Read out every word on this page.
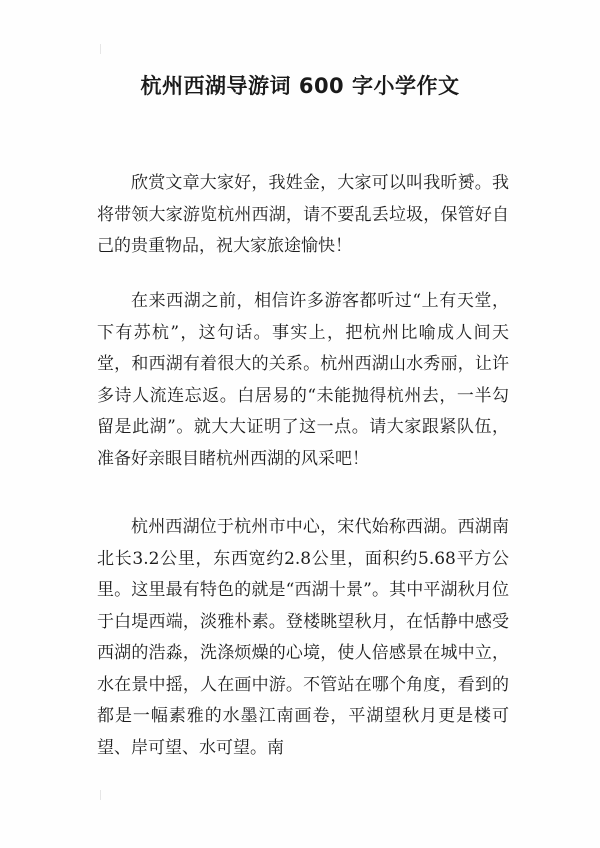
杭州西湖导游词 600 字小学作文

欣赏文章大家好，我姓金，大家可以叫我昕赟。我将带领大家游览杭州西湖，请不要乱丢垃圾，保管好自己的贵重物品，祝大家旅途愉快！

在来西湖之前，相信许多游客都听过“上有天堂，下有苏杭”，这句话。事实上，把杭州比喻成人间天堂，和西湖有着很大的关系。杭州西湖山水秀丽，让许多诗人流连忘返。白居易的“未能抛得杭州去，一半勾留是此湖”。就大大证明了这一点。请大家跟紧队伍，准备好亲眼目睹杭州西湖的风采吧！

杭州西湖位于杭州市中心，宋代始称西湖。西湖南北长3.2公里，东西宽约2.8公里，面积约5.68平方公里。这里最有特色的就是“西湖十景”。其中平湖秋月位于白堤西端，淡雅朴素。登楼眺望秋月，在恬静中感受西湖的浩淼，洗涤烦燥的心境，使人倍感景在城中立，水在景中摇，人在画中游。不管站在哪个角度，看到的都是一幅素雅的水墨江南画卷，平湖望秋月更是楼可望、岸可望、水可望。南
